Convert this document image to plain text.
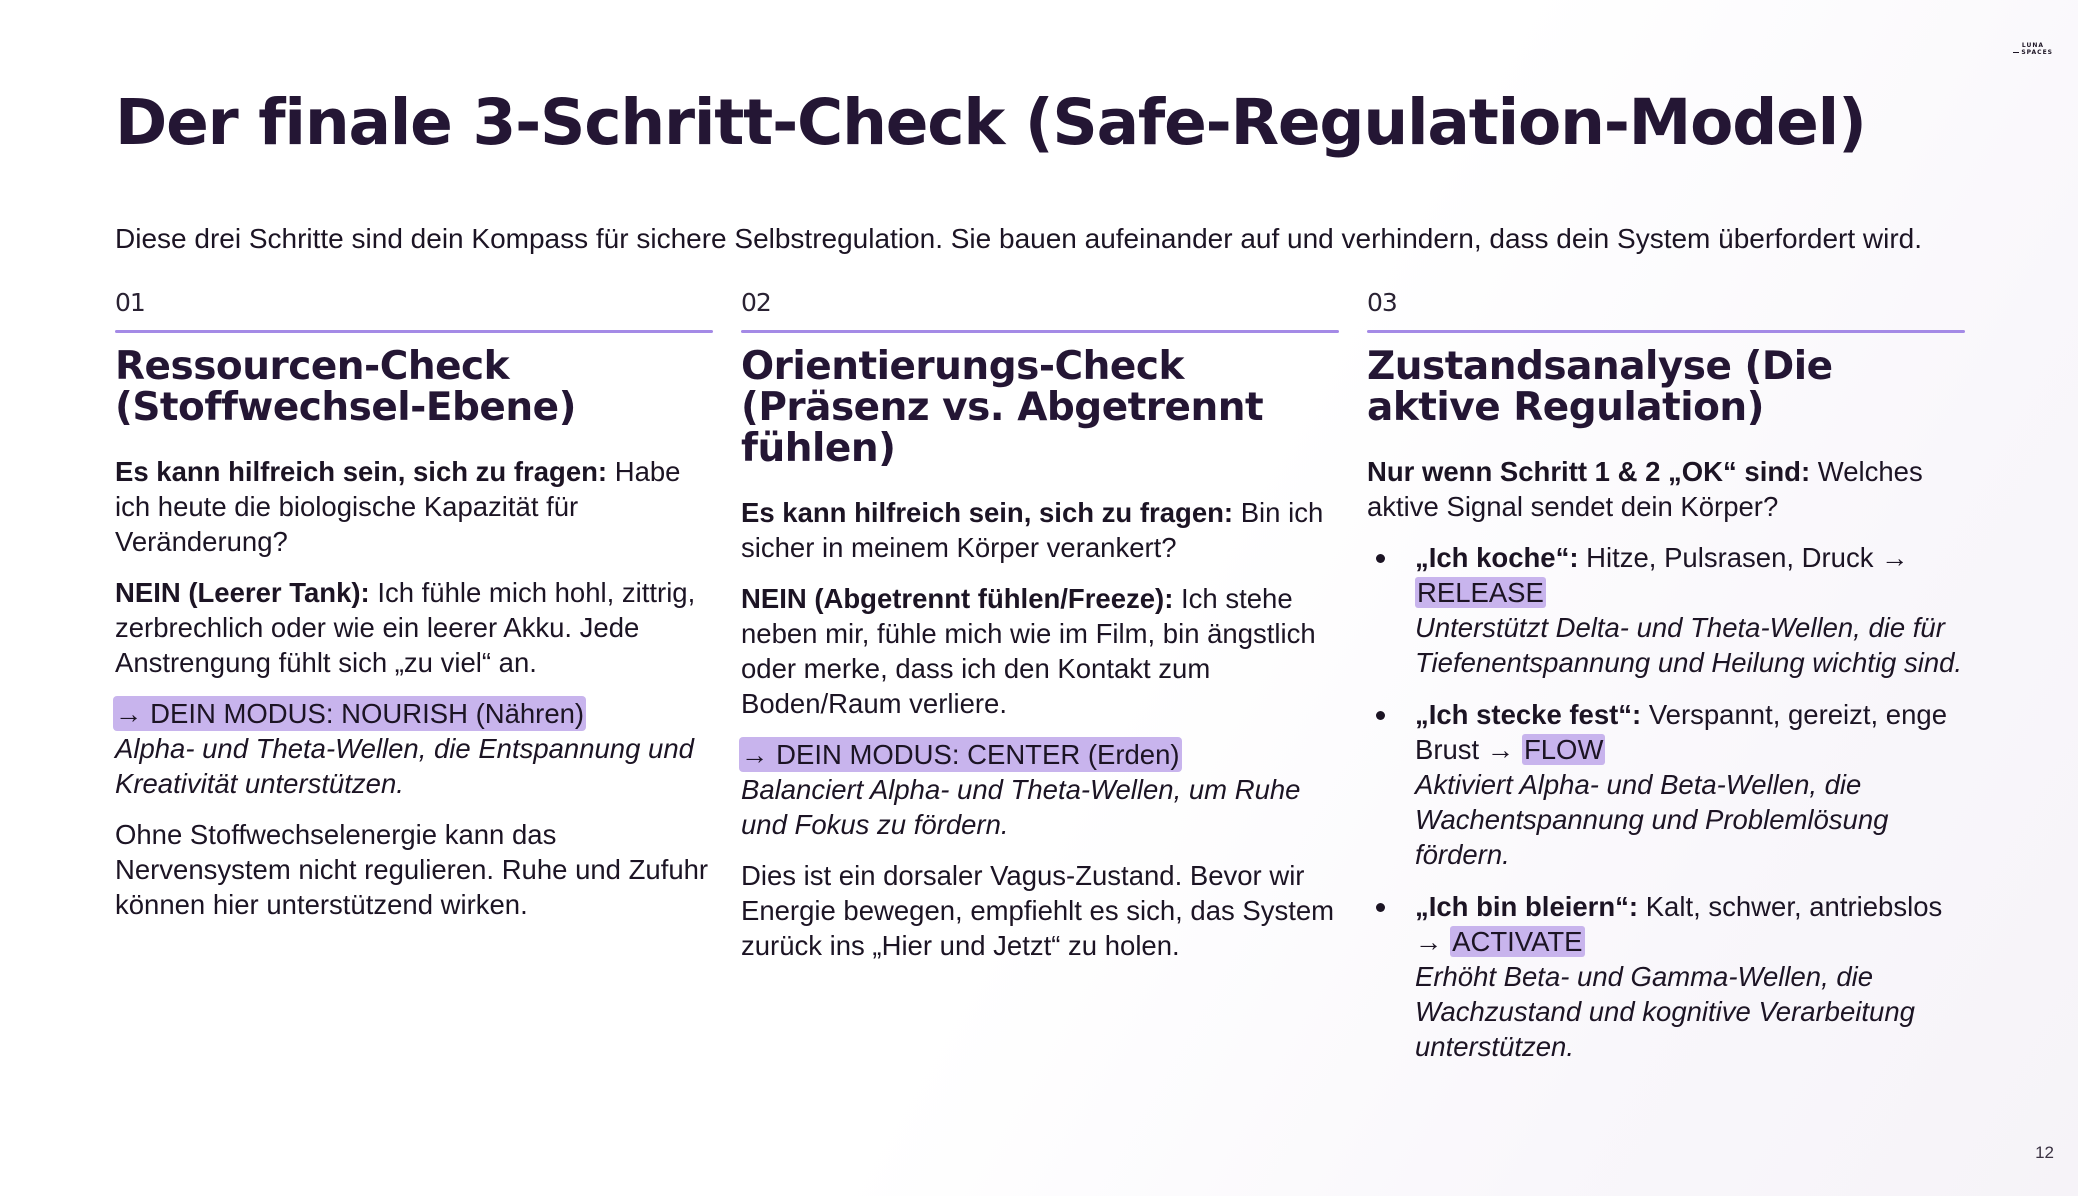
LUNA
SPACES
Der finale 3-Schritt-Check (Safe-Regulation-Model)

Diese drei Schritte sind dein Kompass für sichere Selbstregulation. Sie bauen aufeinander auf und verhindern, dass dein System überfordert wird.

01
Ressourcen-Check (Stoffwechsel-Ebene)

Es kann hilfreich sein, sich zu fragen: Habe ich heute die biologische Kapazität für Veränderung?

NEIN (Leerer Tank): Ich fühle mich hohl, zittrig, zerbrechlich oder wie ein leerer Akku. Jede Anstrengung fühlt sich „zu viel“ an.

→ DEIN MODUS: NOURISH (Nähren)

Alpha- und Theta-Wellen, die Entspannung und Kreativität unterstützen.

Ohne Stoffwechselenergie kann das Nervensystem nicht regulieren. Ruhe und Zufuhr können hier unterstützend wirken.

02
Orientierungs-Check (Präsenz vs. Abgetrennt fühlen)

Es kann hilfreich sein, sich zu fragen: Bin ich sicher in meinem Körper verankert?

NEIN (Abgetrennt fühlen/Freeze): Ich stehe neben mir, fühle mich wie im Film, bin ängstlich oder merke, dass ich den Kontakt zum Boden/Raum verliere.

→ DEIN MODUS: CENTER (Erden)

Balanciert Alpha- und Theta-Wellen, um Ruhe und Fokus zu fördern.

Dies ist ein dorsaler Vagus-Zustand. Bevor wir Energie bewegen, empfiehlt es sich, das System zurück ins „Hier und Jetzt“ zu holen.

03
Zustandsanalyse (Die aktive Regulation)

Nur wenn Schritt 1 & 2 „OK“ sind: Welches aktive Signal sendet dein Körper?

„Ich koche“: Hitze, Pulsrasen, Druck → RELEASE
Unterstützt Delta- und Theta-Wellen, die für Tiefenentspannung und Heilung wichtig sind.
„Ich stecke fest“: Verspannt, gereizt, enge Brust → FLOW
Aktiviert Alpha- und Beta-Wellen, die Wachentspannung und Problemlösung fördern.
„Ich bin bleiern“: Kalt, schwer, antriebslos → ACTIVATE
Erhöht Beta- und Gamma-Wellen, die Wachzustand und kognitive Verarbeitung unterstützen.
12
